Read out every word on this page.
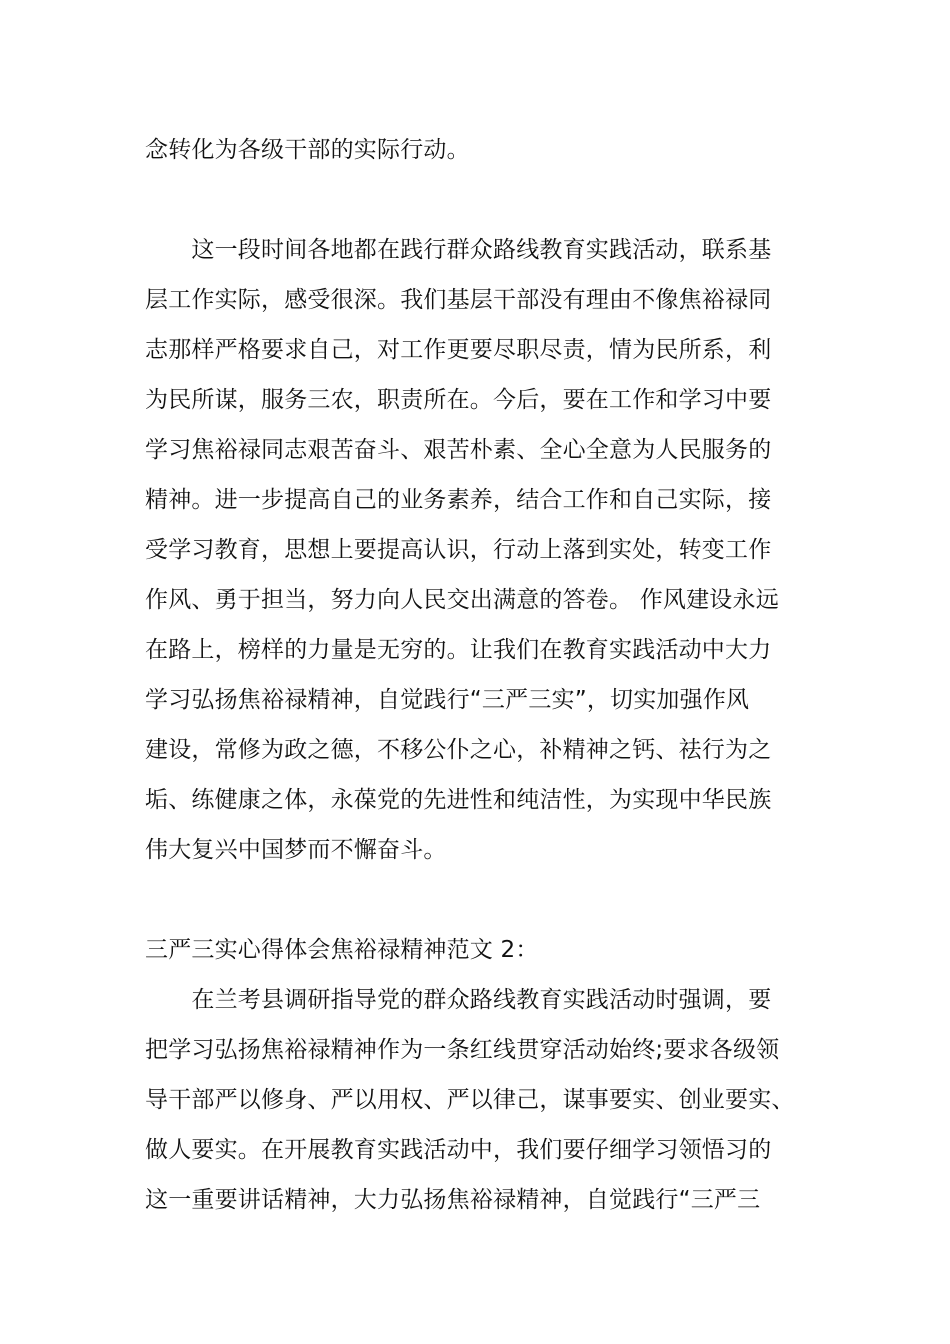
念转化为各级干部的实际行动。
　　这一段时间各地都在践行群众路线教育实践活动，联系基
层工作实际，感受很深。我们基层干部没有理由不像焦裕禄同
志那样严格要求自己，对工作更要尽职尽责，情为民所系，利
为民所谋，服务三农，职责所在。今后，要在工作和学习中要
学习焦裕禄同志艰苦奋斗、艰苦朴素、全心全意为人民服务的
精神。进一步提高自己的业务素养，结合工作和自己实际，接
受学习教育，思想上要提高认识，行动上落到实处，转变工作
作风、勇于担当，努力向人民交出满意的答卷。 作风建设永远
在路上，榜样的力量是无穷的。让我们在教育实践活动中大力
学习弘扬焦裕禄精神，自觉践行“三严三实”，切实加强作风
建设，常修为政之德，不移公仆之心，补精神之钙、祛行为之
垢、练健康之体，永葆党的先进性和纯洁性，为实现中华民族
伟大复兴中国梦而不懈奋斗。
三严三实心得体会焦裕禄精神范文 2：
　　在兰考县调研指导党的群众路线教育实践活动时强调，要
把学习弘扬焦裕禄精神作为一条红线贯穿活动始终;要求各级领
导干部严以修身、严以用权、严以律己，谋事要实、创业要实、
做人要实。在开展教育实践活动中，我们要仔细学习领悟习的
这一重要讲话精神，大力弘扬焦裕禄精神，自觉践行“三严三
